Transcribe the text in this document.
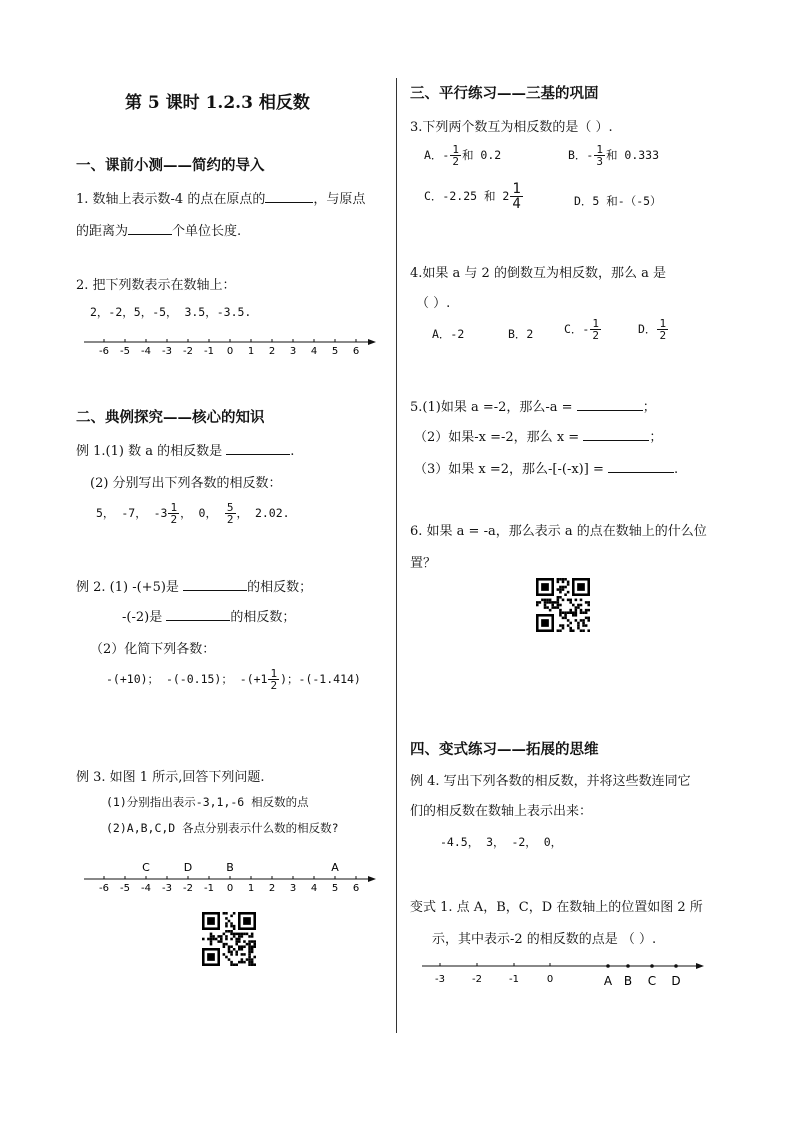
第 5 课时 1.2.3 相反数
一、课前小测——简约的导入
1. 数轴上表示数-4 的点在原点的	，与原点
的距离为	个单位长度.
2. 把下列数表示在数轴上：
2，-2，5，-5， 3.5，-3.5.
-6 -5 -4 -3 -2 -1 0 1 2 3 4 5 6
二、典例探究——核心的知识
例 1.(1) 数 a 的相反数是	.
(2) 分别写出下列各数的相反数：
5， -7， $-3 \frac{1}{2}$ ， 0， $\frac{5}{2}$ ， 2.02.
例 2. (1) -(+5)是	的相反数；
-(-2)是	的相反数；
（2）化简下列各数：
-(+10)； -(-0.15)； $-(+1 \frac{1}{2}$ )；-(-1.414)
例 3. 如图 1 所示,回答下列问题.
(1)分别指出表示-3,1,-6 相反数的点
(2)A,B,C,D 各点分别表示什么数的相反数?
-6 -5 -4 -3 -2 -1 0 1 2 3 4 5 6
C	D	B	A
三、平行练习——三基的巩固
3.下列两个数互为相反数的是（ ）.
A．- $\frac{1}{2}$ 和 0.2	B．- $\frac{1}{3}$ 和 0.333
C．-2.25 和 $2 \frac{1}{4}$	D．5 和-（-5）
4.如果 a 与 2 的倒数互为相反数，那么 a 是
（ ）.
A．-2	B．2	C．- $\frac{1}{2}$	D． $\frac{1}{2}$
5.(1)如果 a =-2，那么-a =	；
（2）如果-x =-2，那么 x =	；
（3）如果 x =2，那么-[-(-x)] =	.
6. 如果 a = -a，那么表示 a 的点在数轴上的什么位
置？
四、变式练习——拓展的思维
例 4. 写出下列各数的相反数，并将这些数连同它
们的相反数在数轴上表示出来：
-4.5， 3， -2， 0，
变式 1. 点 A，B，C，D 在数轴上的位置如图 2 所
示，其中表示-2 的相反数的点是 （ ）.
-3	-2	-1	0	A B C D
